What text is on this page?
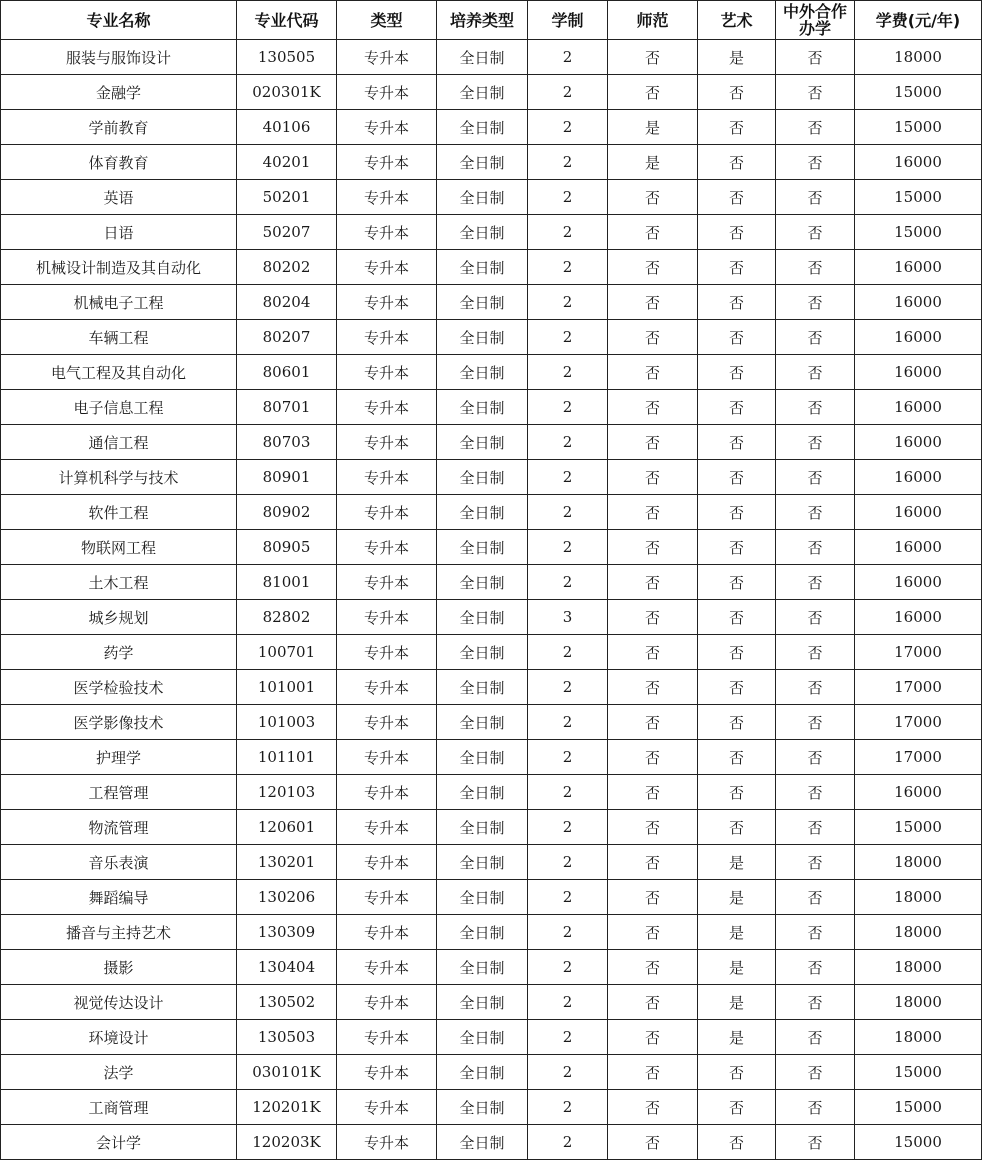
专业名称	专业代码	类型	培养类型	学制	师范	艺术	中外合作办学	学费(元/年)
服装与服饰设计	130505	专升本	全日制	2	否	是	否	18000
金融学	020301K	专升本	全日制	2	否	否	否	15000
学前教育	40106	专升本	全日制	2	是	否	否	15000
体育教育	40201	专升本	全日制	2	是	否	否	16000
英语	50201	专升本	全日制	2	否	否	否	15000
日语	50207	专升本	全日制	2	否	否	否	15000
机械设计制造及其自动化	80202	专升本	全日制	2	否	否	否	16000
机械电子工程	80204	专升本	全日制	2	否	否	否	16000
车辆工程	80207	专升本	全日制	2	否	否	否	16000
电气工程及其自动化	80601	专升本	全日制	2	否	否	否	16000
电子信息工程	80701	专升本	全日制	2	否	否	否	16000
通信工程	80703	专升本	全日制	2	否	否	否	16000
计算机科学与技术	80901	专升本	全日制	2	否	否	否	16000
软件工程	80902	专升本	全日制	2	否	否	否	16000
物联网工程	80905	专升本	全日制	2	否	否	否	16000
土木工程	81001	专升本	全日制	2	否	否	否	16000
城乡规划	82802	专升本	全日制	3	否	否	否	16000
药学	100701	专升本	全日制	2	否	否	否	17000
医学检验技术	101001	专升本	全日制	2	否	否	否	17000
医学影像技术	101003	专升本	全日制	2	否	否	否	17000
护理学	101101	专升本	全日制	2	否	否	否	17000
工程管理	120103	专升本	全日制	2	否	否	否	16000
物流管理	120601	专升本	全日制	2	否	否	否	15000
音乐表演	130201	专升本	全日制	2	否	是	否	18000
舞蹈编导	130206	专升本	全日制	2	否	是	否	18000
播音与主持艺术	130309	专升本	全日制	2	否	是	否	18000
摄影	130404	专升本	全日制	2	否	是	否	18000
视觉传达设计	130502	专升本	全日制	2	否	是	否	18000
环境设计	130503	专升本	全日制	2	否	是	否	18000
法学	030101K	专升本	全日制	2	否	否	否	15000
工商管理	120201K	专升本	全日制	2	否	否	否	15000
会计学	120203K	专升本	全日制	2	否	否	否	15000
